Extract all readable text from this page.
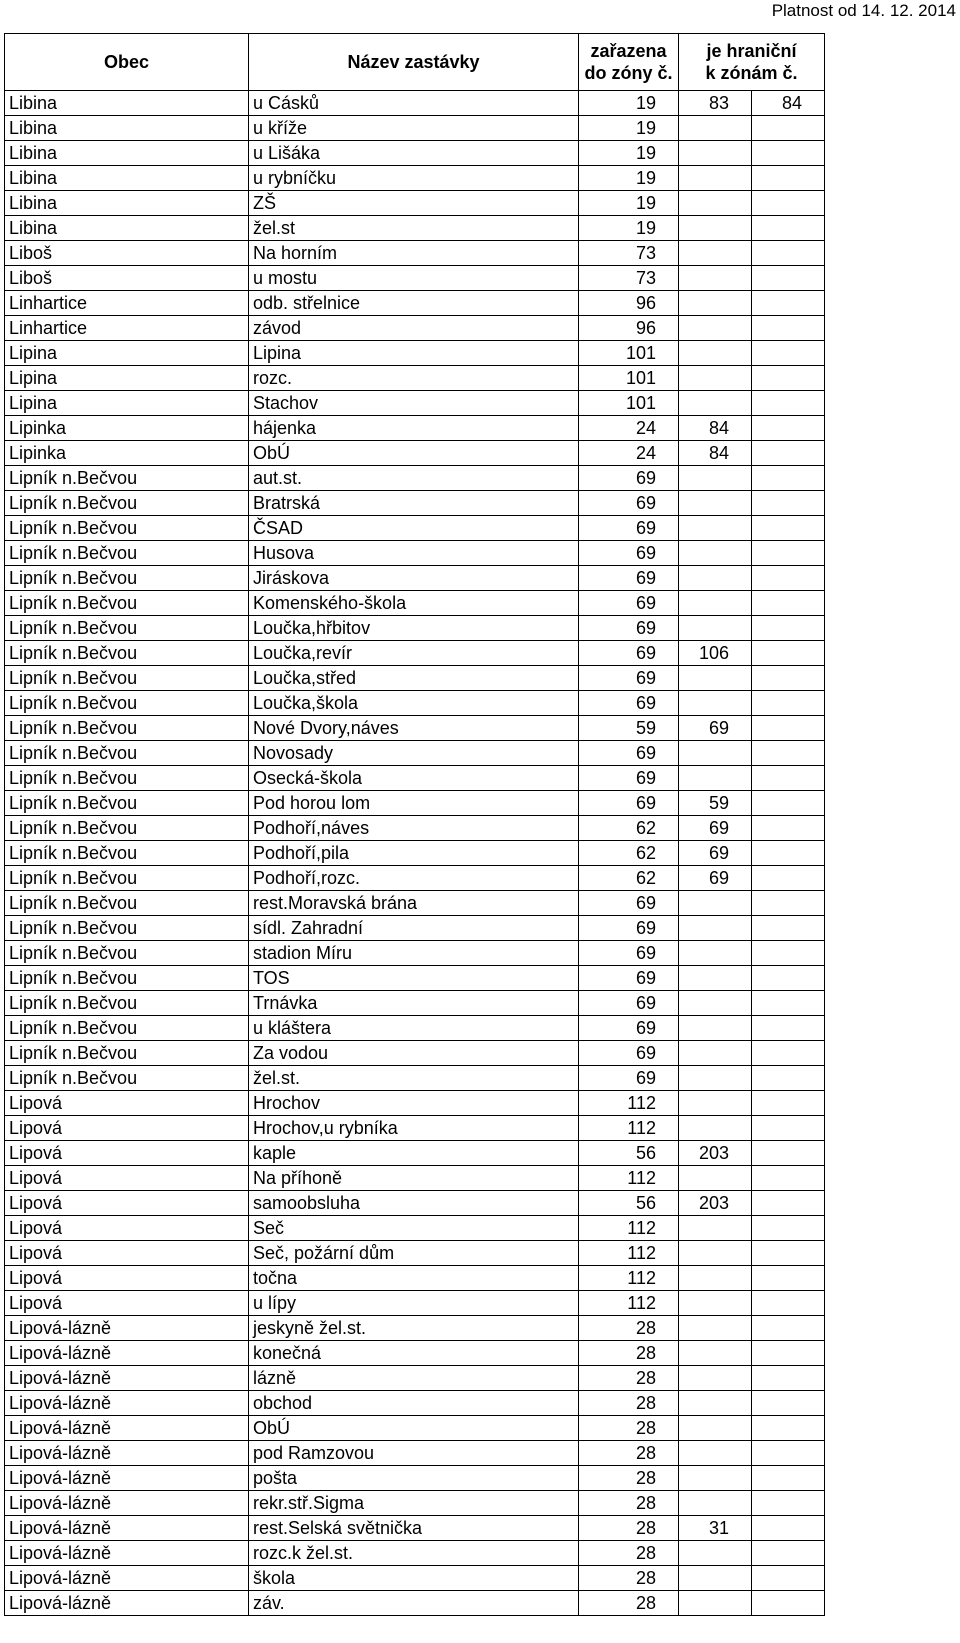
Platnost od 14. 12. 2014
Obec	Název zastávky	zařazena
do zóny č.	je hraniční
k zónám č.	

Libina	u Cásků	19	83	84
Libina	u kříže	19		
Libina	u Lišáka	19		
Libina	u rybníčku	19		
Libina	ZŠ	19		
Libina	žel.st	19		
Liboš	Na horním	73		
Liboš	u mostu	73		
Linhartice	odb. střelnice	96		
Linhartice	závod	96		
Lipina	Lipina	101		
Lipina	rozc.	101		
Lipina	Stachov	101		
Lipinka	hájenka	24	84	
Lipinka	ObÚ	24	84	
Lipník n.Bečvou	aut.st.	69		
Lipník n.Bečvou	Bratrská	69		
Lipník n.Bečvou	ČSAD	69		
Lipník n.Bečvou	Husova	69		
Lipník n.Bečvou	Jiráskova	69		
Lipník n.Bečvou	Komenského-škola	69		
Lipník n.Bečvou	Loučka,hřbitov	69		
Lipník n.Bečvou	Loučka,revír	69	106	
Lipník n.Bečvou	Loučka,střed	69		
Lipník n.Bečvou	Loučka,škola	69		
Lipník n.Bečvou	Nové Dvory,náves	59	69	
Lipník n.Bečvou	Novosady	69		
Lipník n.Bečvou	Osecká-škola	69		
Lipník n.Bečvou	Pod horou lom	69	59	
Lipník n.Bečvou	Podhoří,náves	62	69	
Lipník n.Bečvou	Podhoří,pila	62	69	
Lipník n.Bečvou	Podhoří,rozc.	62	69	
Lipník n.Bečvou	rest.Moravská brána	69		
Lipník n.Bečvou	sídl. Zahradní	69		
Lipník n.Bečvou	stadion Míru	69		
Lipník n.Bečvou	TOS	69		
Lipník n.Bečvou	Trnávka	69		
Lipník n.Bečvou	u kláštera	69		
Lipník n.Bečvou	Za vodou	69		
Lipník n.Bečvou	žel.st.	69		
Lipová	Hrochov	112		
Lipová	Hrochov,u rybníka	112		
Lipová	kaple	56	203	
Lipová	Na příhoně	112		
Lipová	samoobsluha	56	203	
Lipová	Seč	112		
Lipová	Seč, požární dům	112		
Lipová	točna	112		
Lipová	u lípy	112		
Lipová-lázně	jeskyně žel.st.	28		
Lipová-lázně	konečná	28		
Lipová-lázně	lázně	28		
Lipová-lázně	obchod	28		
Lipová-lázně	ObÚ	28		
Lipová-lázně	pod Ramzovou	28		
Lipová-lázně	pošta	28		
Lipová-lázně	rekr.stř.Sigma	28		
Lipová-lázně	rest.Selská světnička	28	31	
Lipová-lázně	rozc.k žel.st.	28		
Lipová-lázně	škola	28		
Lipová-lázně	záv.	28		
